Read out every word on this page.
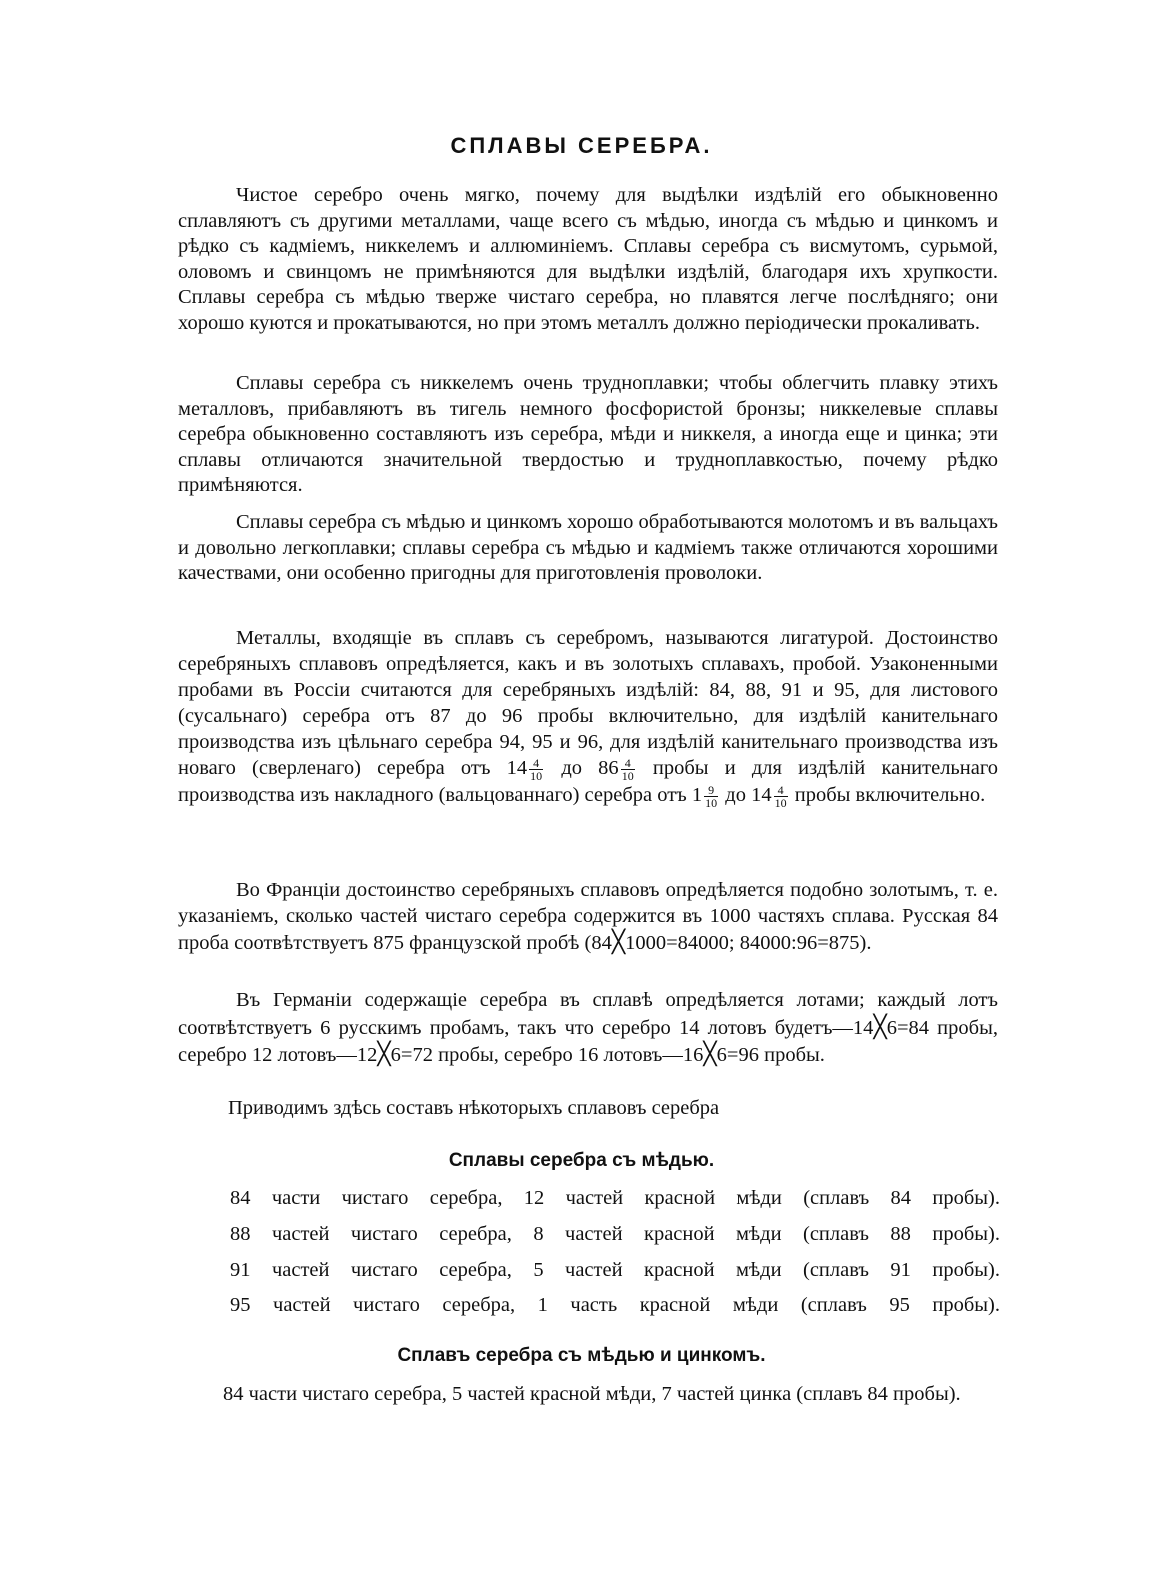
СПЛАВЫ СЕРЕБРА.

Чистое серебро очень мягко, почему для выдѣлки издѣлій его обыкновенно сплавляютъ съ другими металлами, чаще всего съ мѣдью, иногда съ мѣдью и цинкомъ и рѣдко съ кадміемъ, никкелемъ и аллюминіемъ. Сплавы серебра съ висмутомъ, сурьмой, оловомъ и свинцомъ не примѣняются для выдѣлки издѣлій, благодаря ихъ хрупкости. Сплавы серебра съ мѣдью тверже чистаго серебра, но плавятся легче послѣдняго; они хорошо куются и прокатываются, но при этомъ металлъ должно періодически прокаливать.

Сплавы серебра съ никкелемъ очень трудноплавки; чтобы облегчить плавку этихъ металловъ, прибавляютъ въ тигель немного фосфористой бронзы; никкелевые сплавы серебра обыкновенно составляютъ изъ серебра, мѣди и никкеля, а иногда еще и цинка; эти сплавы отличаются значительной твердостью и трудноплавкостью, почему рѣдко примѣняются.

Сплавы серебра съ мѣдью и цинкомъ хорошо обработываются молотомъ и въ вальцахъ и довольно легкоплавки; сплавы серебра съ мѣдью и кадміемъ также отличаются хорошими качествами, они особенно пригодны для приготовленія проволоки.

Металлы, входящіе въ сплавъ съ серебромъ, называются лигатурой. Достоинство серебряныхъ сплавовъ опредѣляется, какъ и въ золотыхъ сплавахъ, пробой. Узаконенными пробами въ Россіи считаются для серебряныхъ издѣлій: 84, 88, 91 и 95, для листового (сусальнаго) серебра отъ 87 до 96 пробы включительно, для издѣлій канительнаго производства изъ цѣльнаго серебра 94, 95 и 96, для издѣлій канительнаго производства изъ новаго (сверленаго) серебра отъ $14 \frac{4}{10}$ до $86 \frac{4}{10}$ пробы и для издѣлій канительнаго производства изъ накладного (вальцованнаго) серебра отъ $1 \frac{9}{10}$ до $14 \frac{4}{10}$ пробы включительно.

Во Франціи достоинство серебряныхъ сплавовъ опредѣляется подобно золотымъ, т. е. указаніемъ, сколько частей чистаго серебра содержится въ 1000 частяхъ сплава. Русская 84 проба соотвѣтствуетъ 875 французской пробѣ (84╳1000=84000; 84000:96=875).

Въ Германіи содержащіе серебра въ сплавѣ опредѣляется лотами; каждый лотъ соотвѣтствуетъ 6 русскимъ пробамъ, такъ что серебро 14 лотовъ будетъ—14╳6=84 пробы, серебро 12 лотовъ—12╳6=72 пробы, серебро 16 лотовъ—16╳6=96 пробы.

Приводимъ здѣсь составъ нѣкоторыхъ сплавовъ серебра

Сплавы серебра съ мѣдью.
84 части чистаго серебра, 12 частей красной мѣди (сплавъ 84 пробы).
88 частей чистаго серебра, 8 частей красной мѣди (сплавъ 88 пробы).
91 частей чистаго серебра, 5 частей красной мѣди (сплавъ 91 пробы).
95 частей чистаго серебра, 1 часть красной мѣди (сплавъ 95 пробы).
Сплавъ серебра съ мѣдью и цинкомъ.

84 части чистаго серебра, 5 частей красной мѣди, 7 частей цинка (сплавъ 84 пробы).
